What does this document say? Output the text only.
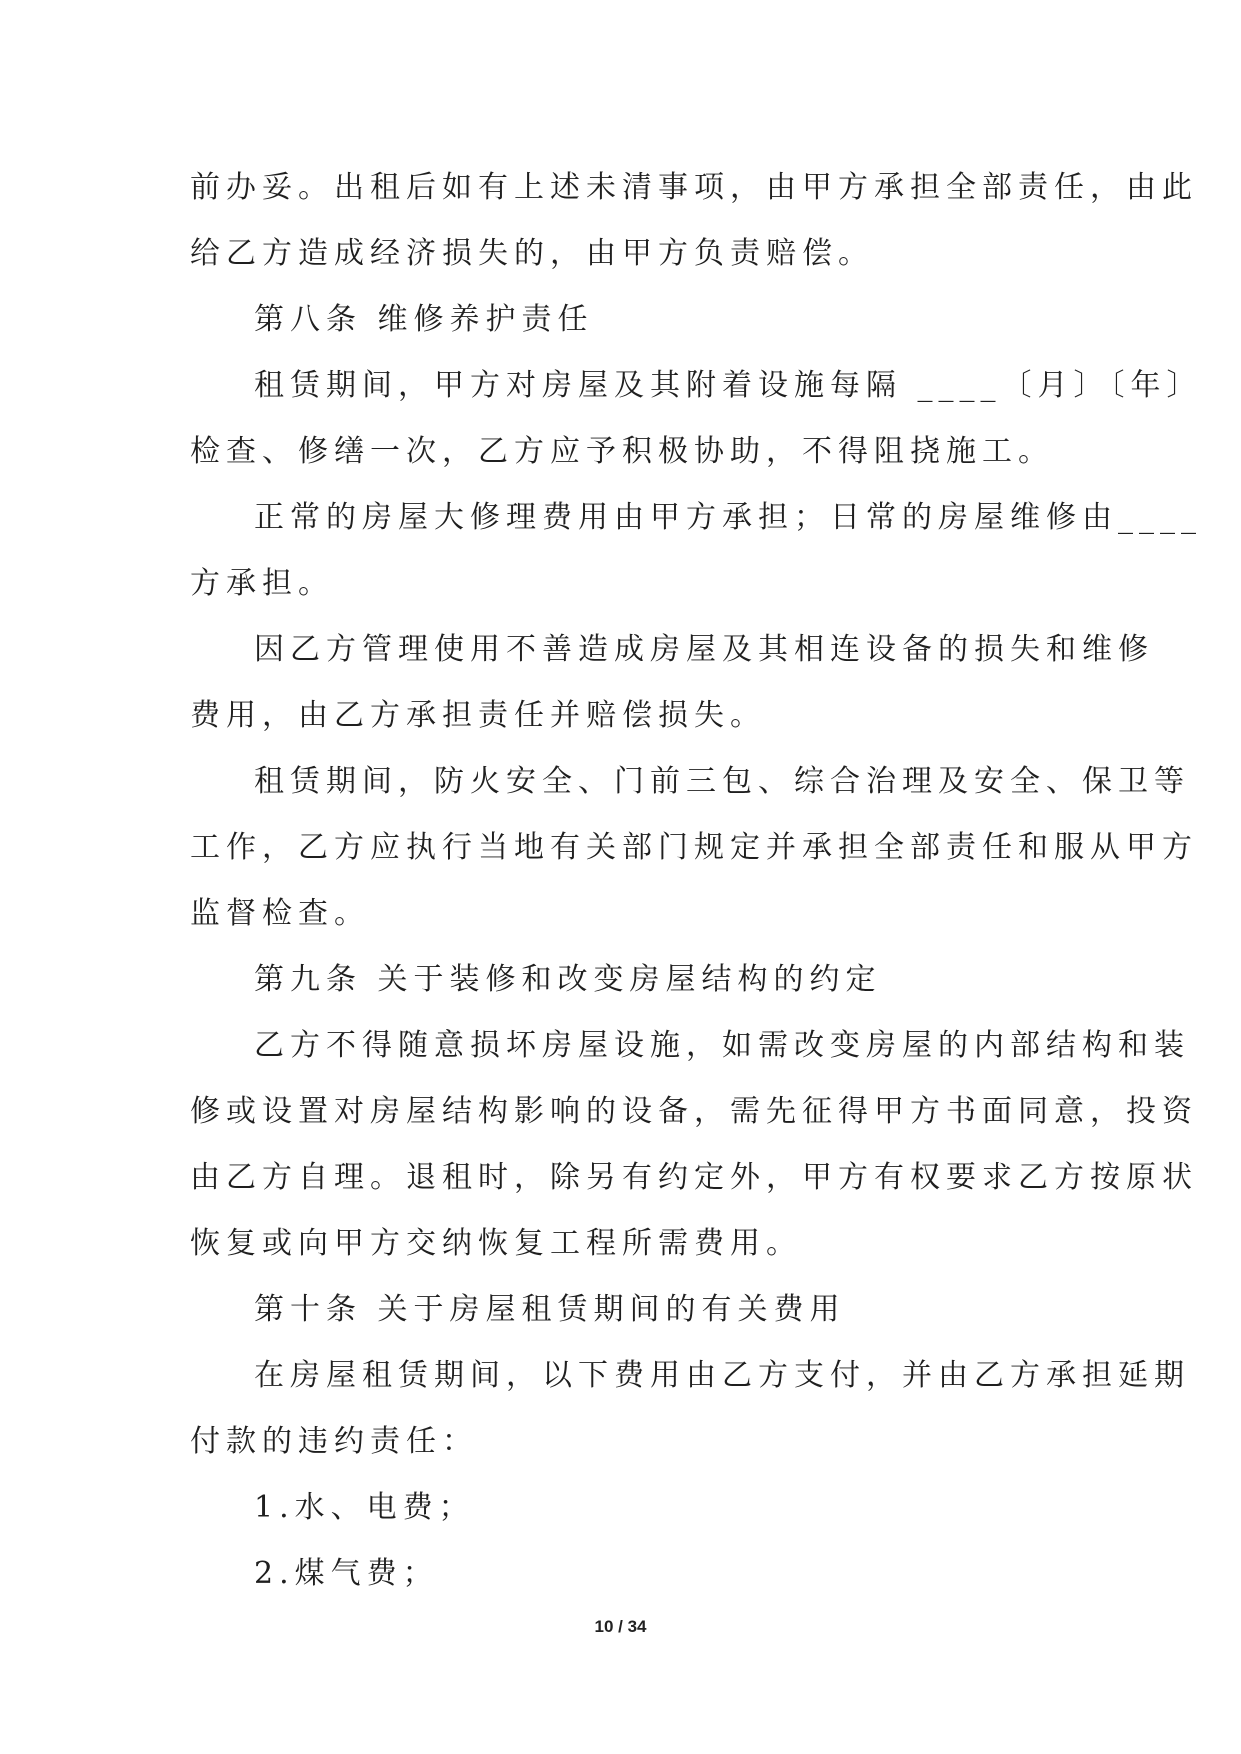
前办妥。出租后如有上述未清事项，由甲方承担全部责任，由此
给乙方造成经济损失的，由甲方负责赔偿。
第八条 维修养护责任
租赁期间，甲方对房屋及其附着设施每隔 ____〔月〕〔年〕
检查、修缮一次，乙方应予积极协助，不得阻挠施工。
正常的房屋大修理费用由甲方承担；日常的房屋维修由____
方承担。
因乙方管理使用不善造成房屋及其相连设备的损失和维修
费用，由乙方承担责任并赔偿损失。
租赁期间，防火安全、门前三包、综合治理及安全、保卫等
工作，乙方应执行当地有关部门规定并承担全部责任和服从甲方
监督检查。
第九条 关于装修和改变房屋结构的约定
乙方不得随意损坏房屋设施，如需改变房屋的内部结构和装
修或设置对房屋结构影响的设备，需先征得甲方书面同意，投资
由乙方自理。退租时，除另有约定外，甲方有权要求乙方按原状
恢复或向甲方交纳恢复工程所需费用。
第十条 关于房屋租赁期间的有关费用
在房屋租赁期间，以下费用由乙方支付，并由乙方承担延期
付款的违约责任：
1.水、电费；
2.煤气费；
10 / 34
